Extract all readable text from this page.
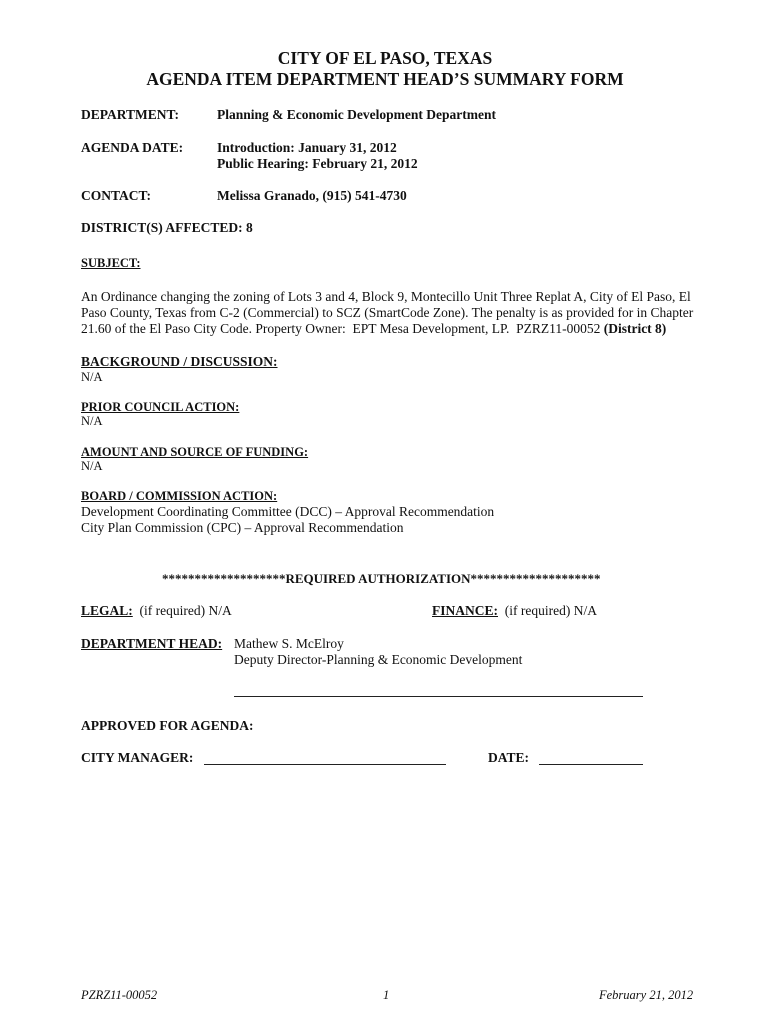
CITY OF EL PASO, TEXAS
AGENDA ITEM DEPARTMENT HEAD’S SUMMARY FORM
DEPARTMENT:	Planning & Economic Development Department
AGENDA DATE:	Introduction: January 31, 2012
Public Hearing: February 21, 2012
CONTACT:	Melissa Granado, (915) 541-4730
DISTRICT(S) AFFECTED: 8
SUBJECT:
An Ordinance changing the zoning of Lots 3 and 4, Block 9, Montecillo Unit Three Replat A, City of El Paso, El
Paso County, Texas from C-2 (Commercial) to SCZ (SmartCode Zone). The penalty is as provided for in Chapter
21.60 of the El Paso City Code. Property Owner:  EPT Mesa Development, LP.  PZRZ11-00052 (District 8)
BACKGROUND / DISCUSSION:
N/A
PRIOR COUNCIL ACTION:
N/A
AMOUNT AND SOURCE OF FUNDING:
N/A
BOARD / COMMISSION ACTION:
Development Coordinating Committee (DCC) – Approval Recommendation
City Plan Commission (CPC) – Approval Recommendation
*******************REQUIRED AUTHORIZATION********************
LEGAL:  (if required) N/A	FINANCE:  (if required) N/A
DEPARTMENT HEAD: Mathew S. McElroy
Deputy Director-Planning & Economic Development
APPROVED FOR AGENDA:
CITY MANAGER:	DATE:
PZRZ11-00052	1	February 21, 2012
